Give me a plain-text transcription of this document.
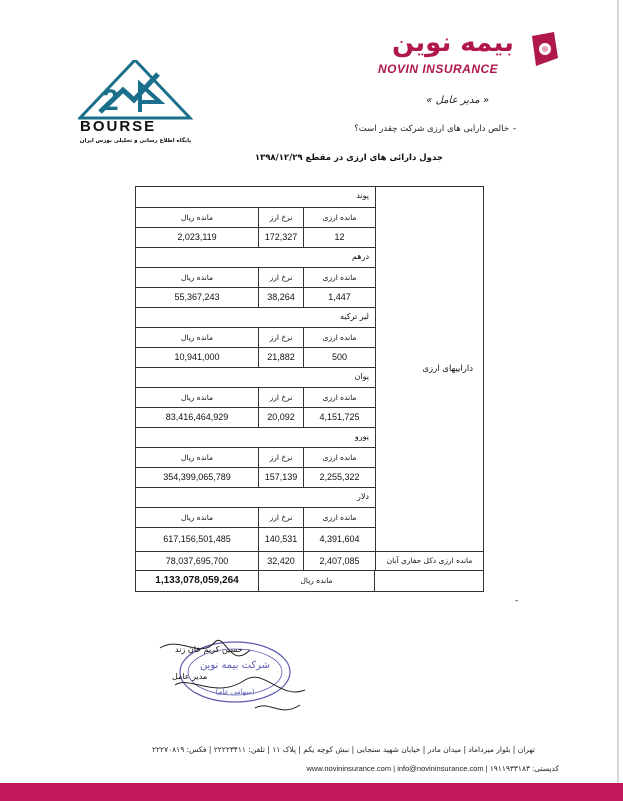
بیمه نوین
NOVIN INSURANCE
2
BOURSE
پایگاه اطلاع رسانی و تحلیلی بورس ایران
« مدیر عامل »
خالص دارایی های ارزی شرکت چقدر است؟ -
جدول دارائی های ارزی در مقطع ۱۳۹۸/۱۲/۲۹
داراییهای ارزی
پوند
مانده ریال	نرخ ارز	مانده ارزی
2,023,119	172,327	12
درهم
مانده ریال	نرخ ارز	مانده ارزی
55,367,243	38,264	1,447
لیر ترکیه
مانده ریال	نرخ ارز	مانده ارزی
10,941,000	21,882	500
یوان
مانده ریال	نرخ ارز	مانده ارزی
83,416,464,929	20,092	4,151,725
یورو
مانده ریال	نرخ ارز	مانده ارزی
354,399,065,789	157,139	2,255,322
دلار
مانده ریال	نرخ ارز	مانده ارزی
617,156,501,485	140,531	4,391,604
78,037,695,700	32,420	2,407,085	مانده ارزی دکل حفاری آبان
1,133,078,059,264	مانده ریال
-
شرکت بیمه نوین
(سهامی عام)
حسین کریم خان زند
مدیر عامل
تهران | بلوار میرداماد | میدان مادر | خیابان شهید سنجابی | نبش کوچه یکم | پلاک ۱۱ | تلفن: ۲۲۲۲۳۴۱۱ | فکس: ۲۲۲۷۰۸۱۹
www.novininsurance.com | info@novininsurance.com | ۱۹۱۱۹۳۳۱۸۳ :کدپستی
